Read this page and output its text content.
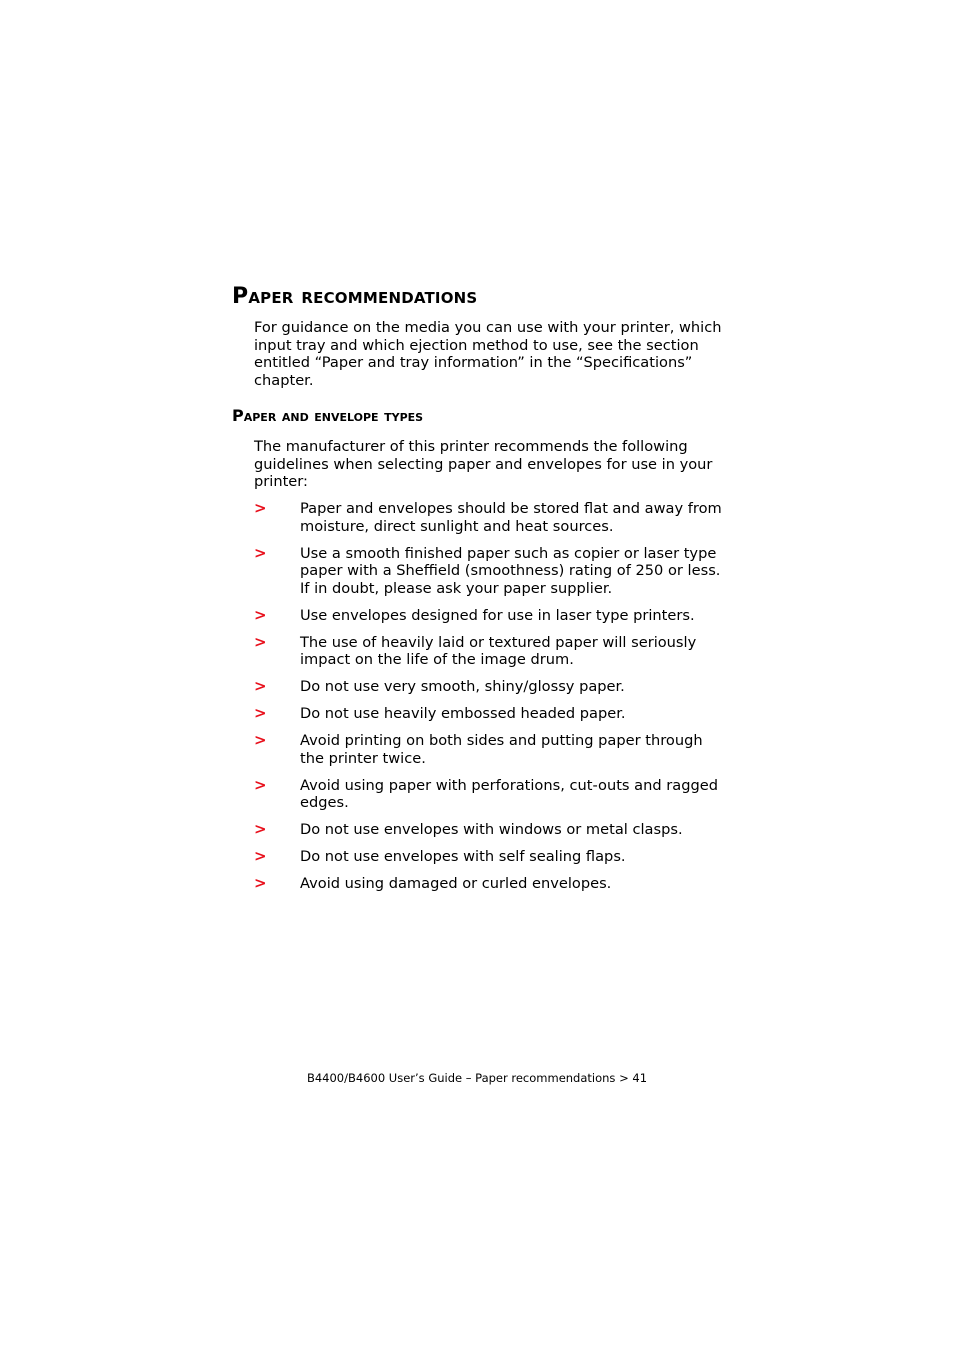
Paper recommendations

For guidance on the media you can use with your printer, which input tray and which ejection method to use, see the section entitled “Paper and tray information” in the “Specifications” chapter.

Paper and envelope types

The manufacturer of this printer recommends the following guidelines when selecting paper and envelopes for use in your printer:

> Paper and envelopes should be stored flat and away from moisture, direct sunlight and heat sources.
> Use a smooth finished paper such as copier or laser type paper with a Sheffield (smoothness) rating of 250 or less. If in doubt, please ask your paper supplier.
> Use envelopes designed for use in laser type printers.
> The use of heavily laid or textured paper will seriously impact on the life of the image drum.
> Do not use very smooth, shiny/glossy paper.
> Do not use heavily embossed headed paper.
> Avoid printing on both sides and putting paper through the printer twice.
> Avoid using paper with perforations, cut-outs and ragged edges.
> Do not use envelopes with windows or metal clasps.
> Do not use envelopes with self sealing flaps.
> Avoid using damaged or curled envelopes.
B4400/B4600 User’s Guide – Paper recommendations > 41
